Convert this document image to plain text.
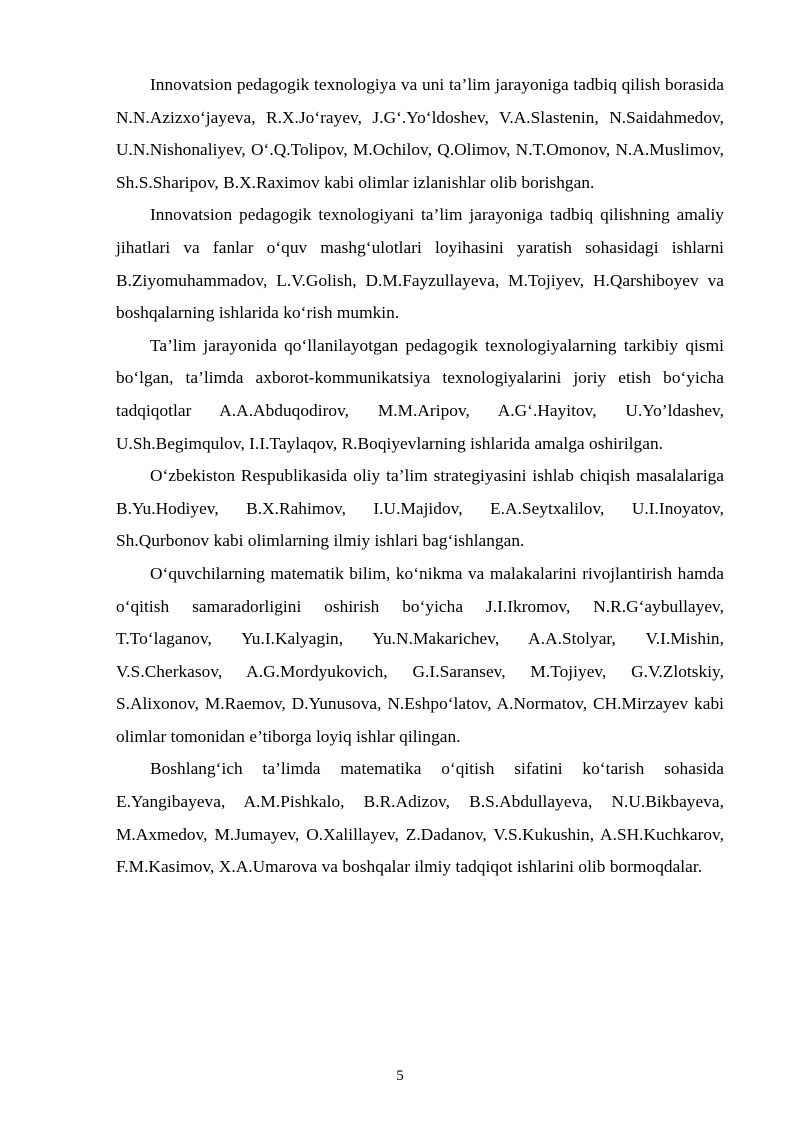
Innovatsion pedagogik texnologiya va uni ta’lim jarayoniga tadbiq qilish borasida N.N.Azizxo‘jayeva, R.X.Jo‘rayev, J.G‘.Yo‘ldoshev, V.A.Slastenin, N.Saidahmedov, U.N.Nishonaliyev, O‘.Q.Tolipov, M.Ochilov, Q.Olimov, N.T.Omonov, N.A.Muslimov, Sh.S.Sharipov, B.X.Raximov kabi olimlar izlanishlar olib borishgan.

Innovatsion pedagogik texnologiyani ta’lim jarayoniga tadbiq qilishning amaliy jihatlari va fanlar o‘quv mashg‘ulotlari loyihasini yaratish sohasidagi ishlarni B.Ziyomuhammadov, L.V.Golish, D.M.Fayzullayeva, M.Tojiyev, H.Qarshiboyev va boshqalarning ishlarida ko‘rish mumkin.

Ta’lim jarayonida qo‘llanilayotgan pedagogik texnologiyalarning tarkibiy qismi bo‘lgan, ta’limda axborot-kommunikatsiya texnologiyalarini joriy etish bo‘yicha tadqiqotlar A.A.Abduqodirov, M.M.Aripov, A.G‘.Hayitov, U.Yo’ldashev, U.Sh.Begimqulov, I.I.Taylaqov, R.Boqiyevlarning ishlarida amalga oshirilgan.

O‘zbekiston Respublikasida oliy ta’lim strategiyasini ishlab chiqish masalalariga B.Yu.Hodiyev, B.X.Rahimov, I.U.Majidov, E.A.Seytxalilov, U.I.Inoyatov, Sh.Qurbonov kabi olimlarning ilmiy ishlari bag‘ishlangan.

O‘quvchilarning matematik bilim, ko‘nikma va malakalarini rivojlantirish hamda o‘qitish samaradorligini oshirish bo‘yicha J.I.Ikromov, N.R.G‘aybullayev, T.To‘laganov, Yu.I.Kalyagin, Yu.N.Makarichev, A.A.Stolyar, V.I.Mishin, V.S.Cherkasov, A.G.Mordyukovich, G.I.Saransev, M.Tojiyev, G.V.Zlotskiy, S.Alixonov, M.Raemov, D.Yunusova, N.Eshpo‘latov, A.Normatov, CH.Mirzayev kabi olimlar tomonidan e’tiborga loyiq ishlar qilingan.

Boshlang‘ich ta’limda matematika o‘qitish sifatini ko‘tarish sohasida E.Yangibayeva, A.M.Pishkalo, B.R.Adizov, B.S.Abdullayeva, N.U.Bikbayeva, M.Axmedov, M.Jumayev, O.Xalillayev, Z.Dadanov, V.S.Kukushin, A.SH.Kuchkarov, F.M.Kasimov, X.A.Umarova va boshqalar ilmiy tadqiqot ishlarini olib bormoqdalar.

5
